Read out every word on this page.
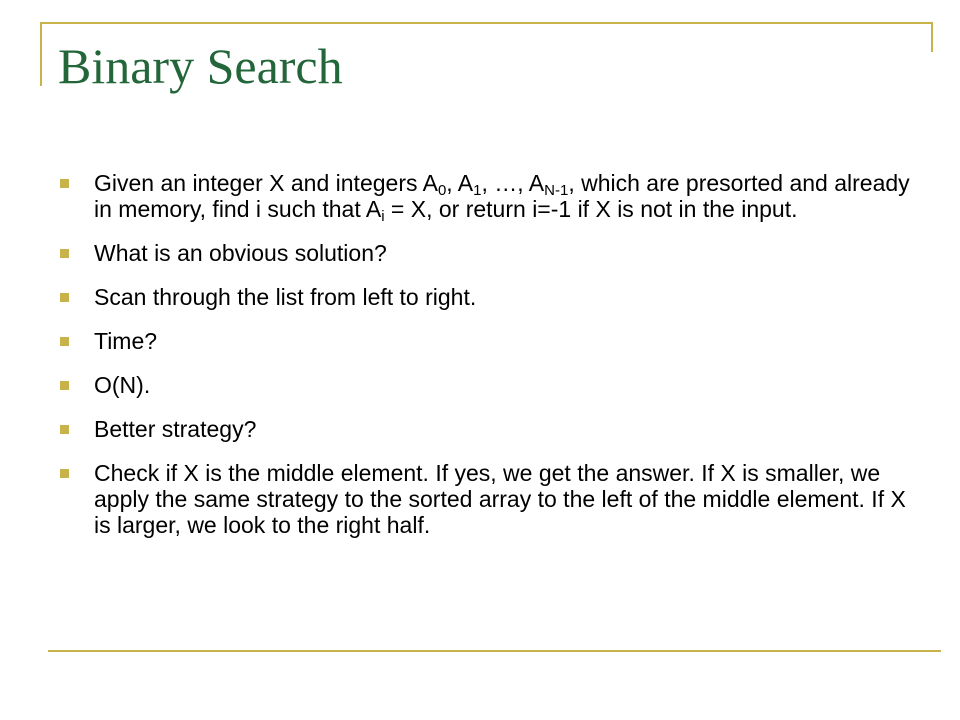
Binary Search
Given an integer X and integers $A_0$, $A_1$, …, $A_{N-1}$, which are presorted and already in memory, find i such that $A_i = X$, or return i=-1 if X is not in the input.
What is an obvious solution?
Scan through the list from left to right.
Time?
O(N).
Better strategy?
Check if X is the middle element. If yes, we get the answer. If X is smaller, we apply the same strategy to the sorted array to the left of the middle element. If X is larger, we look to the right half.
